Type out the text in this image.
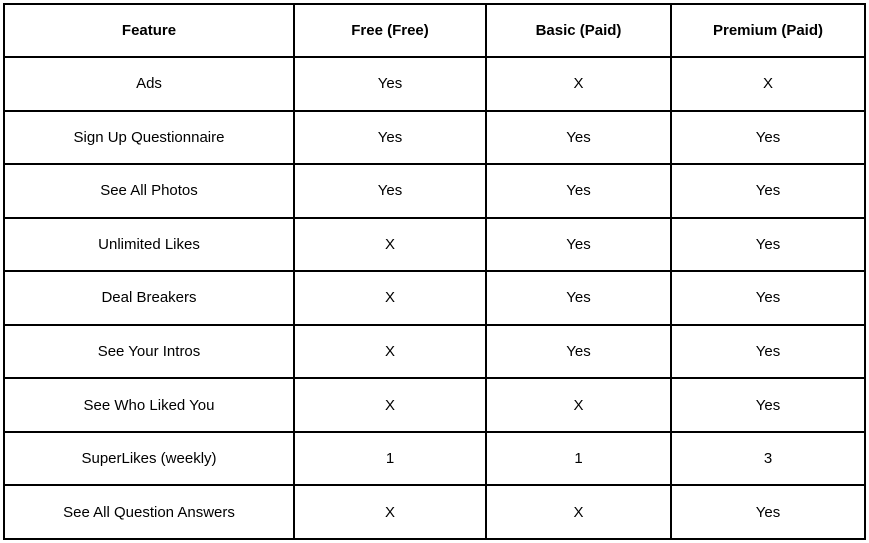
Feature	Free (Free)	Basic (Paid)	Premium (Paid)
Ads	Yes	X	X
Sign Up Questionnaire	Yes	Yes	Yes
See All Photos	Yes	Yes	Yes
Unlimited Likes	X	Yes	Yes
Deal Breakers	X	Yes	Yes
See Your Intros	X	Yes	Yes
See Who Liked You	X	X	Yes
SuperLikes (weekly)	1	1	3
See All Question Answers	X	X	Yes
